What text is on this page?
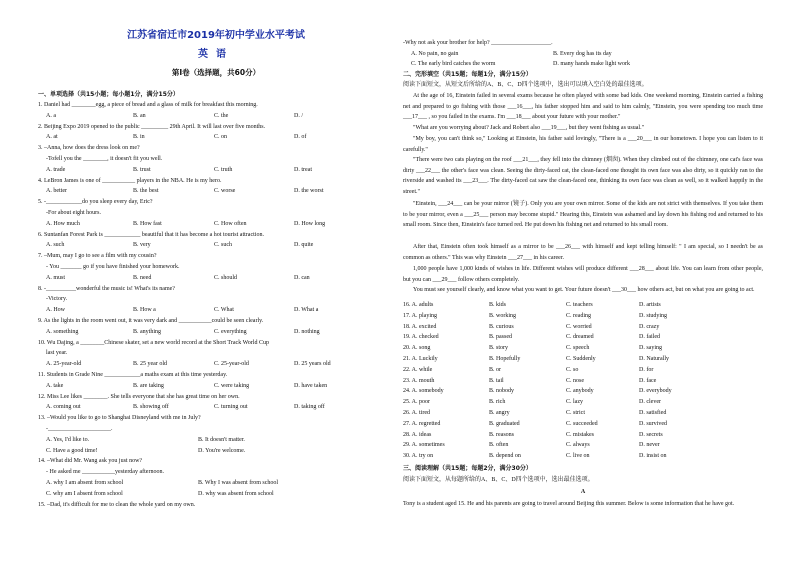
江苏省宿迁市2019年初中学业水平考试
英语
第I卷（选择题，共60分）
一、单项选择（共15小题；每小题1分，满分15分）
1. Daniel had ________egg, a piece of bread and a glass of milk for breakfast this morning.
A. a	B. an	C. the	D. /
2. Beijing Expo 2019 opened to the public _________ 29th April. It will last over five months.
A. at	B. in	C. on	D. of
3. –Anna, how does the dress look on me?
-Tofell you the ________, it doesn't fit you well.
A. trade	B. trust	C. truth	D. treat
4. LeBron James is one of ___________ players in the NBA. He is my hero.
A. better	B. the best	C. worse	D. the worst
5. -____________do you sleep every day, Eric?
-For about eight hours.
A. How much	B. How fast	C. How often	D. How long
6. Suntanfan Forest Park is ____________ beautiful that it has become a hot tourist attraction.
A. such	B. very	C. such	D. quite
7. –Mum, may I go to see a film with my cousin?
- You _______ go if you have finished your homework.
A. must	B. need	C. should	D. can
8. -__________wonderful the music is! What's its name?
-Victory.
A. How	B. How a	C. What	D. What a
9. As the lights in the room went out, it was very dark and ___________could be seen clearly.
A. something	B. anything	C. everything	D. nothing
10. Wu Dajing, a ________Chinese skater, set a new world record at the Short Track World Cup
last year.
A. 25-year-old	B. 25 year old	C. 25-year-old	D. 25 years old
11. Students in Grade Nine ____________a maths exam at this time yesterday.
A. take	B. are taking	C. were taking	D. have taken
12. Miss Lee likes ________. She tells everyone that she has great time on her own.
A. coming out	B. showing off	C. turning out	D. taking off
13. –Would you like to go to Shanghai Disneyland with me in July?
-_____________________.
A. Yes, I'd like to.	B. It doesn't matter.
C. Have a good time!	D. You're welcome.
14. –What did Mr. Wang ask you just now?
- He asked me ___________yesterday afternoon.
A. why I am absent from school	B. Why I was absent from school
C. why am I absent from school	D. why was absent from school
15. –Dad, it's difficult for me to clean the whole yard on my own.
-Why not ask your brother for help? ____________________.
A. No pain, no gain	B. Every dog has its day
C. The early bird catches the worm	D. many hands make light work
二、完形填空（共15题；每题1分，满分15分）
阅读下面短文，从短文后所给的A、B、C、D四个选项中，选出可以填入空白处的最佳选项。
At the age of 16, Einstein failed in several exams because he often played with some bad kids. One weekend morning, Einstein carried a fishing net and prepared to go fishing with those ___16___, his father stopped him and said to him calmly, "Einstein, you were spending too much time ___17___ , so you failed in the exams. I'm ___18___ about your future with your mother."
"What are you worrying about? Jack and Robert also ___19___, but they went fishing as usual."
"My boy, you can't think so," Looking at Einstein, his father said lovingly, "There is a ___20___ in our hometown. I hope you can listen to it carefully."
"There were two cats playing on the roof ___21___, they fell into the chimney (烟囱). When they climbed out of the chimney, one cat's face was dirty ___22___ the other's face was clean. Seeing the dirty-faced cat, the clean-faced one thought its own face was also dirty, so it quickly ran to the riverside and washed its ___23___. The dirty-faced cat saw the clean-faced one, thinking its own face was clean as well, so it walked happily in the street."
"Einstein, ___24___ can be your mirror (镜子). Only you are your own mirror. Some of the kids are not strict with themselves. If you take them to be your mirror, even a ___25___ person may become stupid." Hearing this, Einstein was ashamed and lay down his fishing rod and returned to his small room. Since then, Einstein's face turned red. He put down his fishing net and returned to his small room.
After that, Einstein often took himself as a mirror to be ___26___ with himself and kept telling himself: " I am special, so I needn't be as common as others." This was why Einstein ___27___ in his career.
1,000 people have 1,000 kinds of wishes in life. Different wishes will produce different ___28___ about life. You can learn from other people, but you can ___29___ follow others completely.
You must see yourself clearly, and know what you want to get. Your future doesn't ___30___ how others act, but on what you are going to act.
16. A. adults	B. kids	C. teachers	D. artists
17. A. playing	B. working	C. reading	D. studying
18. A. excited	B. curious	C. worried	D. crazy
19. A. checked	B. passed	C. dreamed	D. failed
20. A. song	B. story	C. speech	D. saying
21. A. Luckily	B. Hopefully	C. Suddenly	D. Naturally
22. A. while	B. or	C. so	D. for
23. A. mouth	B. tail	C. nose	D. face
24. A. somebody	B. nobody	C. anybody	D. everybody
25. A. poor	B. rich	C. lazy	D. clever
26. A. tired	B. angry	C. strict	D. satisfied
27. A. regretted	B. graduated	C. succeeded	D. survived
28. A. ideas	B. reasons	C. mistakes	D. secrets
29. A. sometimes	B. often	C. always	D. never
30. A. try on	B. depend on	C. live on	D. insist on
三、阅读理解（共15题；每题2分，满分30分）
阅读下面短文，从每题所给的A、B、C、D四个选项中，选出最佳选项。
A
Tony is a student aged 15. He and his parents are going to travel around Beijing this summer. Below is some information that he have got.
